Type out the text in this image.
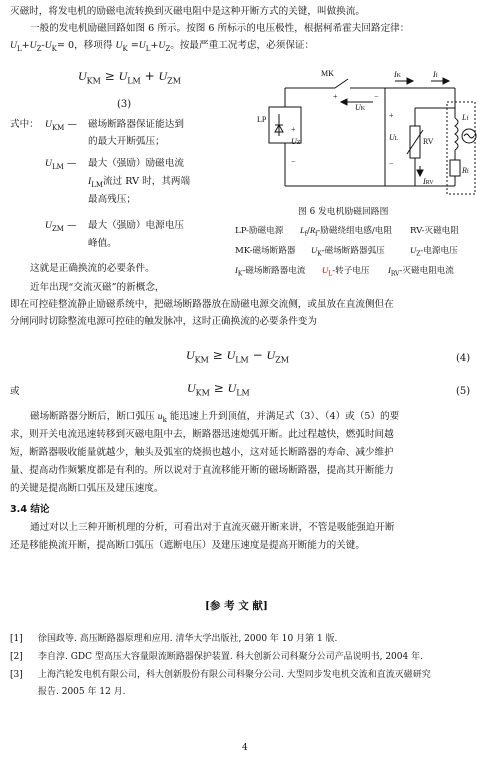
灭磁时，将发电机的励磁电流转换到灭磁电阻中是这种开断方式的关键，叫做换流。
一般的发电机励磁回路如图 6 所示。按图 6 所标示的电压极性，根据柯希霍夫回路定律：
$U_L+U_Z-U_K= 0$，移项得 $U_K =U_L+U_Z$。按最严重工况考虑，必须保证：
$U_{KM} \ge U_{LM} + U_{ZM}$
(3)
式中： $U_{KM}$ — 磁场断路器保证能达到
的最大开断弧压；
$U_{LM}$ — 最大（强励）励磁电流
$I_{LM}$流过 RV 时，其两端
最高残压；
$U_{ZM}$ — 最大（强励）电源电压
峰值。
这就是正确换流的必要条件。
MK	IK	If
+	−
UK
LP
+
UZ
−
+
UL
−
Lf
RV
IRV
Rf
图 6 发电机励磁回路图
LP-励磁电源 $L_f/R_f-$励磁绕组电感/电阻 RV-灭磁电阻
MK-磁场断路器 $U_K-$磁场断路器弧压	$U_Z-$电源电压
$I_K-$磁场断路器电流 $U_L-$转子电压 $I_{RV}-$灭磁电阻电流
近年出现“交流灭磁”的新概念，
即在可控硅整流静止励磁系统中，把磁场断路器放在励磁电源交流侧，或虽放在直流侧但在
分闸同时切除整流电源可控硅的触发脉冲，这时正确换流的必要条件变为
$U_{KM} \ge U_{LM} - U_{ZM}$	(4)
或	$U_{KM} \ge U_{LM}$	(5)
磁场断路器分断后，断口弧压 $u_k$ 能迅速上升到顶值，并满足式（3）、（4）或（5）的要
求，则开关电流迅速转移到灭磁电阻中去，断路器迅速熄弧开断。此过程越快，燃弧时间越
短，断路器吸收能量就越少，触头及弧室的烧损也越小，这对延长断路器的寿命、减少维护
量、提高动作频繁度都是有利的。所以说对于直流移能开断的磁场断路器，提高其开断能力
的关键是提高断口弧压及建压速度。
3.4 结论
通过对以上三种开断机理的分析，可看出对于直流灭磁开断来讲，不管是吸能强迫开断
还是移能换流开断，提高断口弧压（遮断电压）及建压速度是提高开断能力的关键。
[参 考 文 献]
[1] 徐国政等. 高压断路器原理和应用. 清华大学出版社, 2000 年 10 月第 1 版.
[2] 李自淳. GDC 型高压大容量限流断路器保护装置. 科大创新公司科聚分公司产品说明书, 2004 年.
[3] 上海汽轮发电机有限公司，科大创新股份有限公司科聚分公司. 大型同步发电机交流和直流灭磁研究
报告. 2005 年 12 月.
4
